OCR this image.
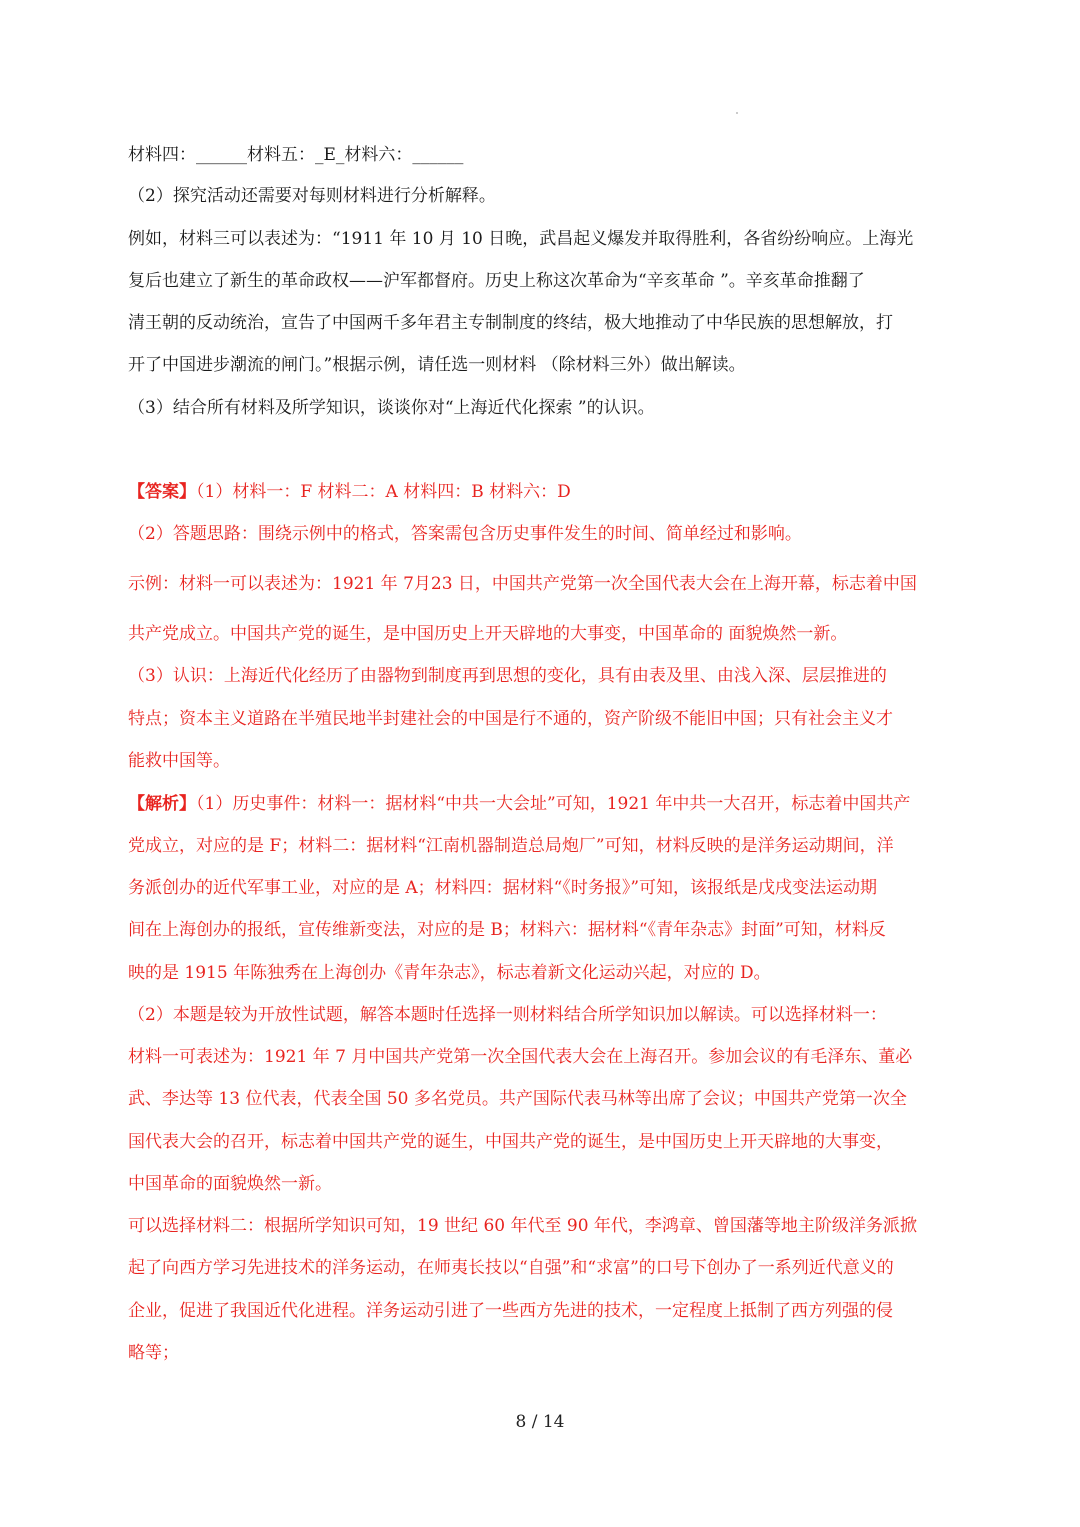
材料四：______材料五：_E_材料六：______
（2）探究活动还需要对每则材料进行分析解释。
例如，材料三可以表述为：“1911 年 10 月 10 日晚，武昌起义爆发并取得胜利，各省纷纷响应。上海光
复后也建立了新生的革命政权——沪军都督府。历史上称这次革命为“辛亥革命 ”。辛亥革命推翻了
清王朝的反动统治，宣告了中国两千多年君主专制制度的终结，极大地推动了中华民族的思想解放，打
开了中国进步潮流的闸门。”根据示例，请任选一则材料 （除材料三外）做出解读。
（3）结合所有材料及所学知识，谈谈你对“上海近代化探索 ”的认识。
【答案】（1）材料一：F 材料二：A 材料四：B 材料六：D
（2）答题思路：围绕示例中的格式，答案需包含历史事件发生的时间、简单经过和影响。
示例：材料一可以表述为：1921 年 7月23 日，中国共产党第一次全国代表大会在上海开幕，标志着中国
共产党成立。中国共产党的诞生，是中国历史上开天辟地的大事变，中国革命的 面貌焕然一新。
（3）认识：上海近代化经历了由器物到制度再到思想的变化，具有由表及里、由浅入深、层层推进的
特点；资本主义道路在半殖民地半封建社会的中国是行不通的，资产阶级不能旧中国；只有社会主义才
能救中国等。
【解析】（1）历史事件：材料一：据材料“中共一大会址”可知，1921 年中共一大召开，标志着中国共产
党成立，对应的是 F；材料二：据材料“江南机器制造总局炮厂”可知，材料反映的是洋务运动期间，洋
务派创办的近代军事工业，对应的是 A；材料四：据材料“《时务报》”可知，该报纸是戊戌变法运动期
间在上海创办的报纸，宣传维新变法，对应的是 B；材料六：据材料“《青年杂志》封面”可知，材料反
映的是 1915 年陈独秀在上海创办《青年杂志》，标志着新文化运动兴起，对应的 D。
（2）本题是较为开放性试题，解答本题时任选择一则材料结合所学知识加以解读。可以选择材料一：
材料一可表述为：1921 年 7 月中国共产党第一次全国代表大会在上海召开。参加会议的有毛泽东、董必
武、李达等 13 位代表，代表全国 50 多名党员。共产国际代表马林等出席了会议；中国共产党第一次全
国代表大会的召开，标志着中国共产党的诞生，中国共产党的诞生，是中国历史上开天辟地的大事变，
中国革命的面貌焕然一新。
可以选择材料二：根据所学知识可知，19 世纪 60 年代至 90 年代，李鸿章、曾国藩等地主阶级洋务派掀
起了向西方学习先进技术的洋务运动，在师夷长技以“自强”和“求富”的口号下创办了一系列近代意义的
企业，促进了我国近代化进程。洋务运动引进了一些西方先进的技术，一定程度上抵制了西方列强的侵
略等；
8 / 14
